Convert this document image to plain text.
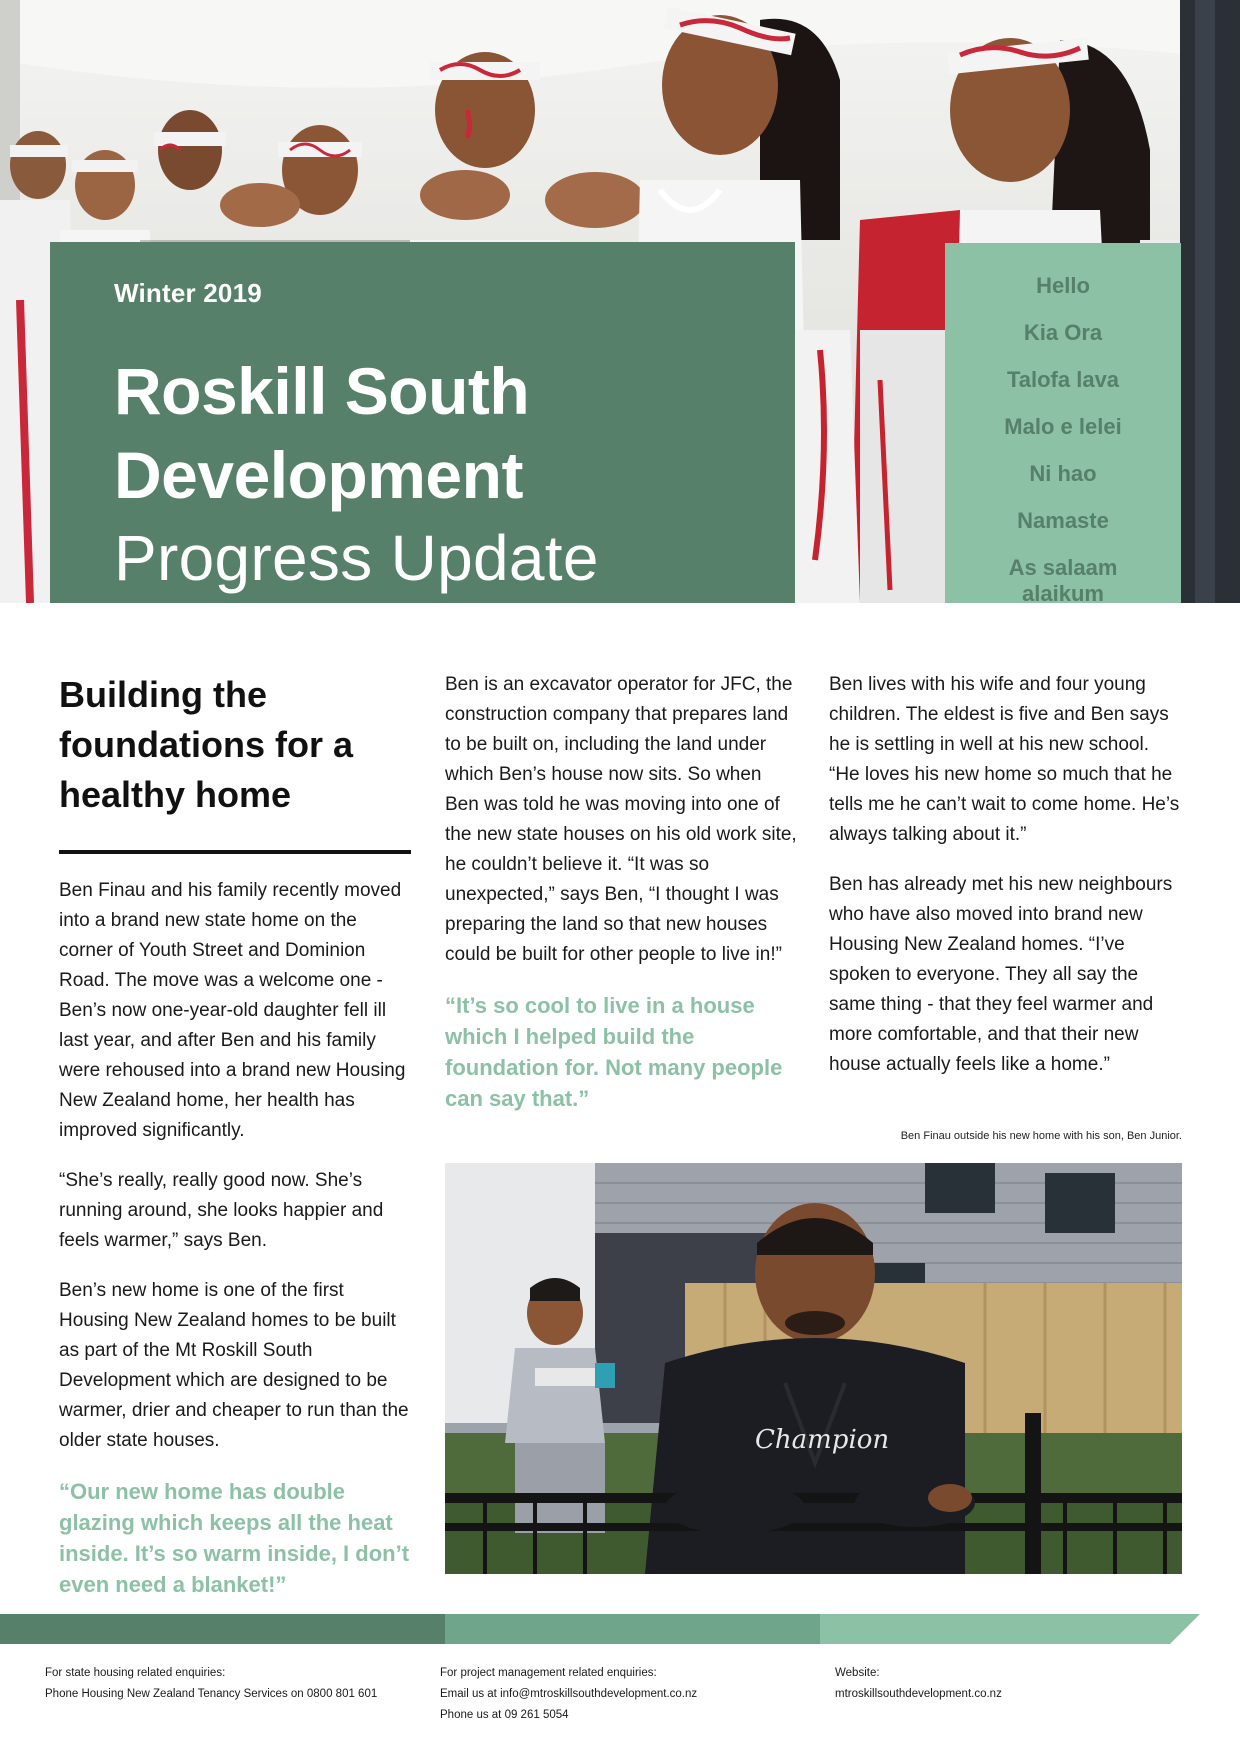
Winter 2019
Roskill South
Development
Progress Update
Hello
Kia Ora
Talofa lava
Malo e lelei
Ni hao
Namaste
As salaam alaikum
Building the foundations for a healthy home

Ben Finau and his family recently moved into a brand new state home on the corner of Youth Street and Dominion Road. The move was a welcome one - Ben’s now one-year-old daughter fell ill last year, and after Ben and his family were rehoused into a brand new Housing New Zealand home, her health has improved significantly.

“She’s really, really good now. She’s running around, she looks happier and feels warmer,” says Ben.

Ben’s new home is one of the first Housing New Zealand homes to be built as part of the Mt Roskill South Development which are designed to be warmer, drier and cheaper to run than the older state houses.

“Our new home has double glazing which keeps all the heat inside. It’s so warm inside, I don’t even need a blanket!”

Ben is an excavator operator for JFC, the construction company that prepares land to be built on, including the land under which Ben’s house now sits. So when Ben was told he was moving into one of the new state houses on his old work site, he couldn’t believe it. “It was so unexpected,” says Ben, “I thought I was preparing the land so that new houses could be built for other people to live in!”

“It’s so cool to live in a house which I helped build the foundation for. Not many people can say that.”

Ben lives with his wife and four young children. The eldest is five and Ben says he is settling in well at his new school. “He loves his new home so much that he tells me he can’t wait to come home. He’s always talking about it.”

Ben has already met his new neighbours who have also moved into brand new Housing New Zealand homes. “I’ve spoken to everyone. They all say the same thing - that they feel warmer and more comfortable, and that their new house actually feels like a home.”

Ben Finau outside his new home with his son, Ben Junior.
Champion
For state housing related enquiries:
Phone Housing New Zealand Tenancy Services on 0800 801 601
For project management related enquiries:
Email us at info@mtroskillsouthdevelopment.co.nz
Phone us at 09 261 5054
Website:
mtroskillsouthdevelopment.co.nz
